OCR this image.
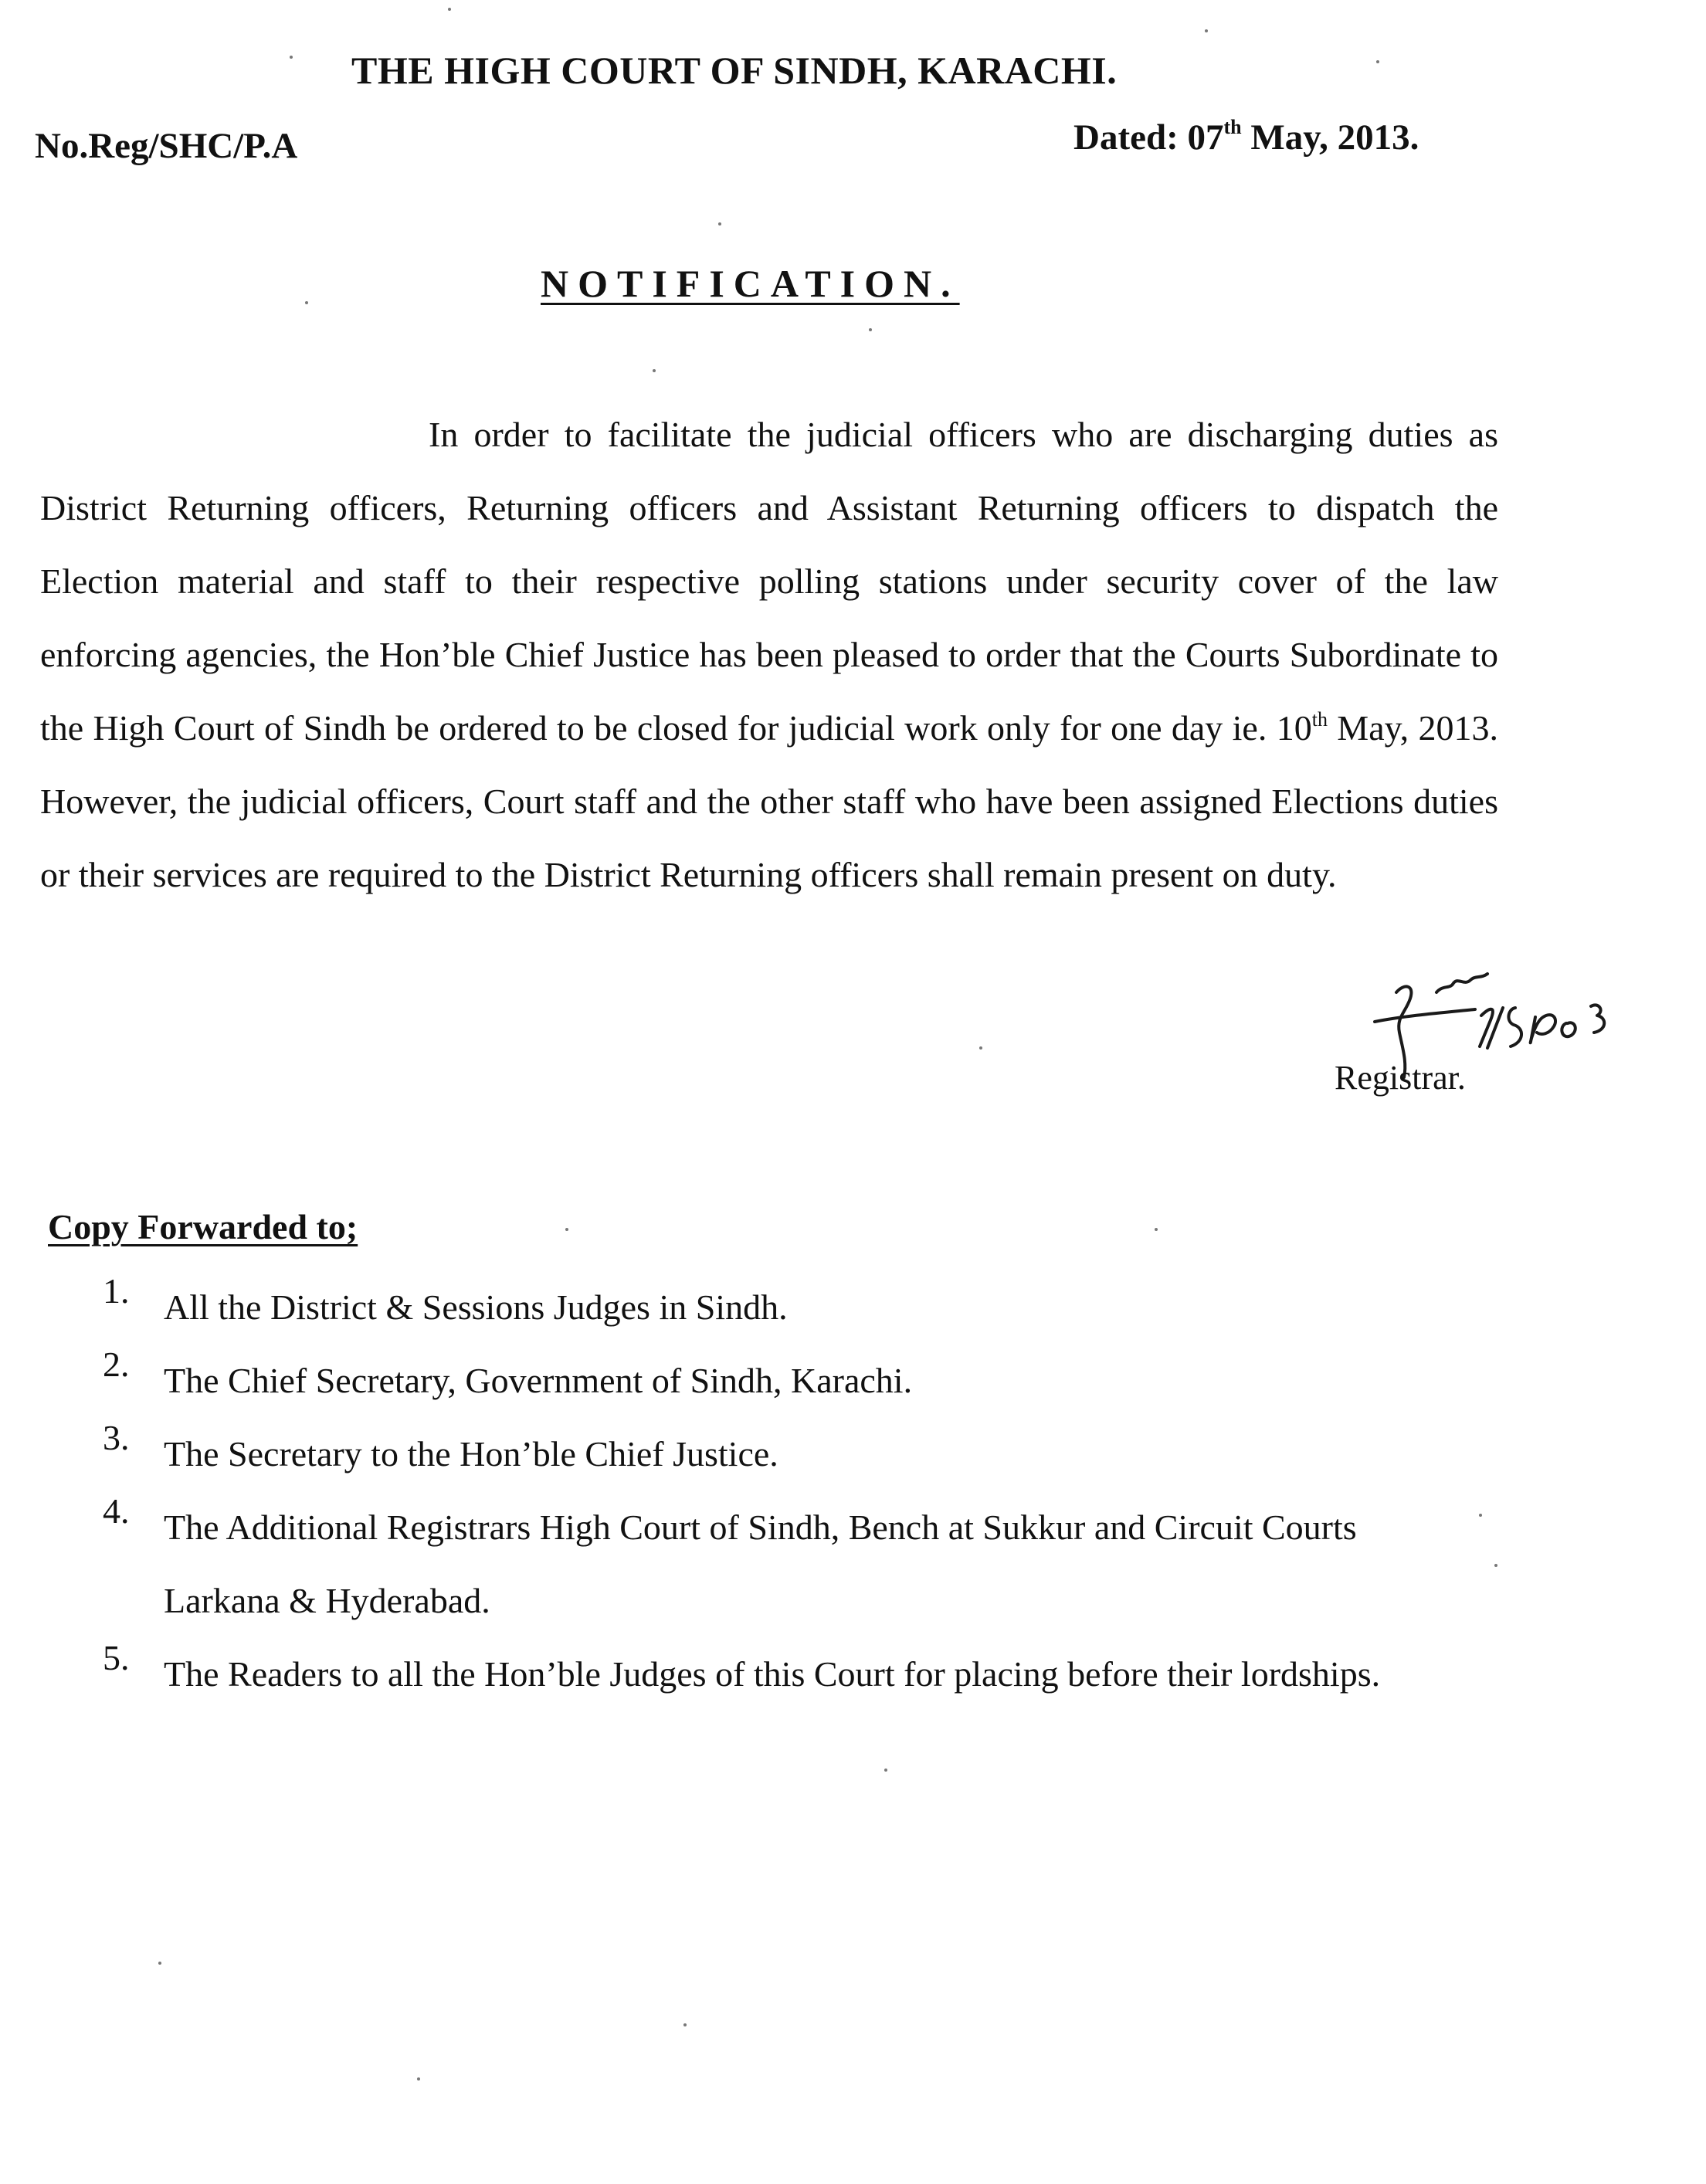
THE HIGH COURT OF SINDH, KARACHI.
No.Reg/SHC/P.A	Dated: 07th May, 2013.
NOTIFICATION.
In order to facilitate the judicial officers who are discharging duties as District Returning officers, Returning officers and Assistant Returning officers to dispatch the Election material and staff to their respective polling stations under security cover of the law enforcing agencies, the Hon’ble Chief Justice has been pleased to order that the Courts Subordinate to the High Court of Sindh be ordered to be closed for judicial work only for one day ie. 10th May, 2013. However, the judicial officers, Court staff and the other staff who have been assigned Elections duties or their services are required to the District Returning officers shall remain present on duty.
Registrar.
Copy Forwarded to;
1. All the District & Sessions Judges in Sindh.
2. The Chief Secretary, Government of Sindh, Karachi.
3. The Secretary to the Hon’ble Chief Justice.
4. The Additional Registrars High Court of Sindh, Bench at Sukkur and Circuit Courts Larkana & Hyderabad.
5. The Readers to all the Hon’ble Judges of this Court for placing before their lordships.
